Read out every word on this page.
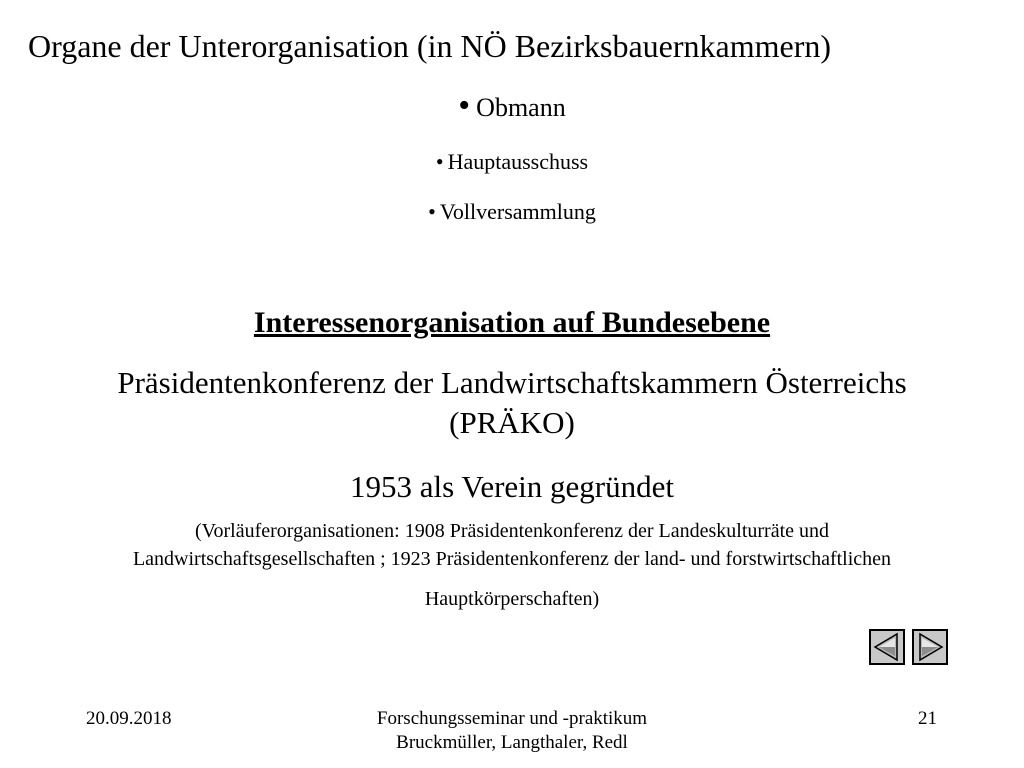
Organe der Unterorganisation (in NÖ Bezirksbauernkammern)
• Obmann
• Hauptausschuss
• Vollversammlung
Interessenorganisation auf Bundesebene
Präsidentenkonferenz der Landwirtschaftskammern Österreichs
(PRÄKO)
1953 als Verein gegründet
(Vorläuferorganisationen: 1908 Präsidentenkonferenz der Landeskulturräte und
Landwirtschaftsgesellschaften ; 1923 Präsidentenkonferenz der land- und forstwirtschaftlichen
Hauptkörperschaften)
20.09.2018	Forschungsseminar und -praktikum
Bruckmüller, Langthaler, Redl
21
